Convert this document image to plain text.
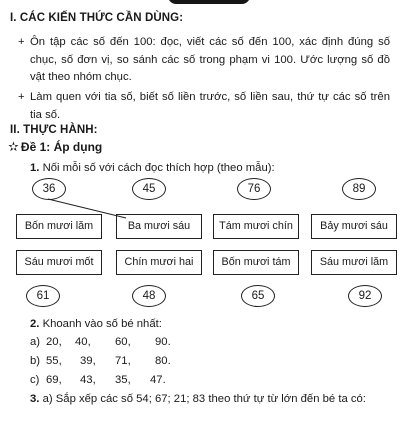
I. CÁC KIẾN THỨC CẦN DÙNG:
+ Ôn tập các số đến 100: đọc, viết các số đến 100, xác định đúng số chục, số đơn vị, so sánh các số trong phạm vi 100. Ước lượng số đồ vật theo nhóm chục.
+ Làm quen với tia số, biết số liền trước, số liền sau, thứ tự các số trên tia số.
II. THỰC HÀNH:
✫ Đề 1: Áp dụng
1. Nối mỗi số với cách đọc thích hợp (theo mẫu):
36	45	76	89
Bốn mươi lăm	Ba mươi sáu	Tám mươi chín	Bảy mươi sáu
Sáu mươi mốt	Chín mươi hai	Bốn mươi tám	Sáu mươi lăm
61	48	65	92
2. Khoanh vào số bé nhất:

a)

20,

40,

60,

90.

b)

55,

39,

71,

80.

c)

69,

43,

35,

47.

3. a) Sắp xếp các số 54; 67; 21; 83 theo thứ tự từ lớn đến bé ta có:
